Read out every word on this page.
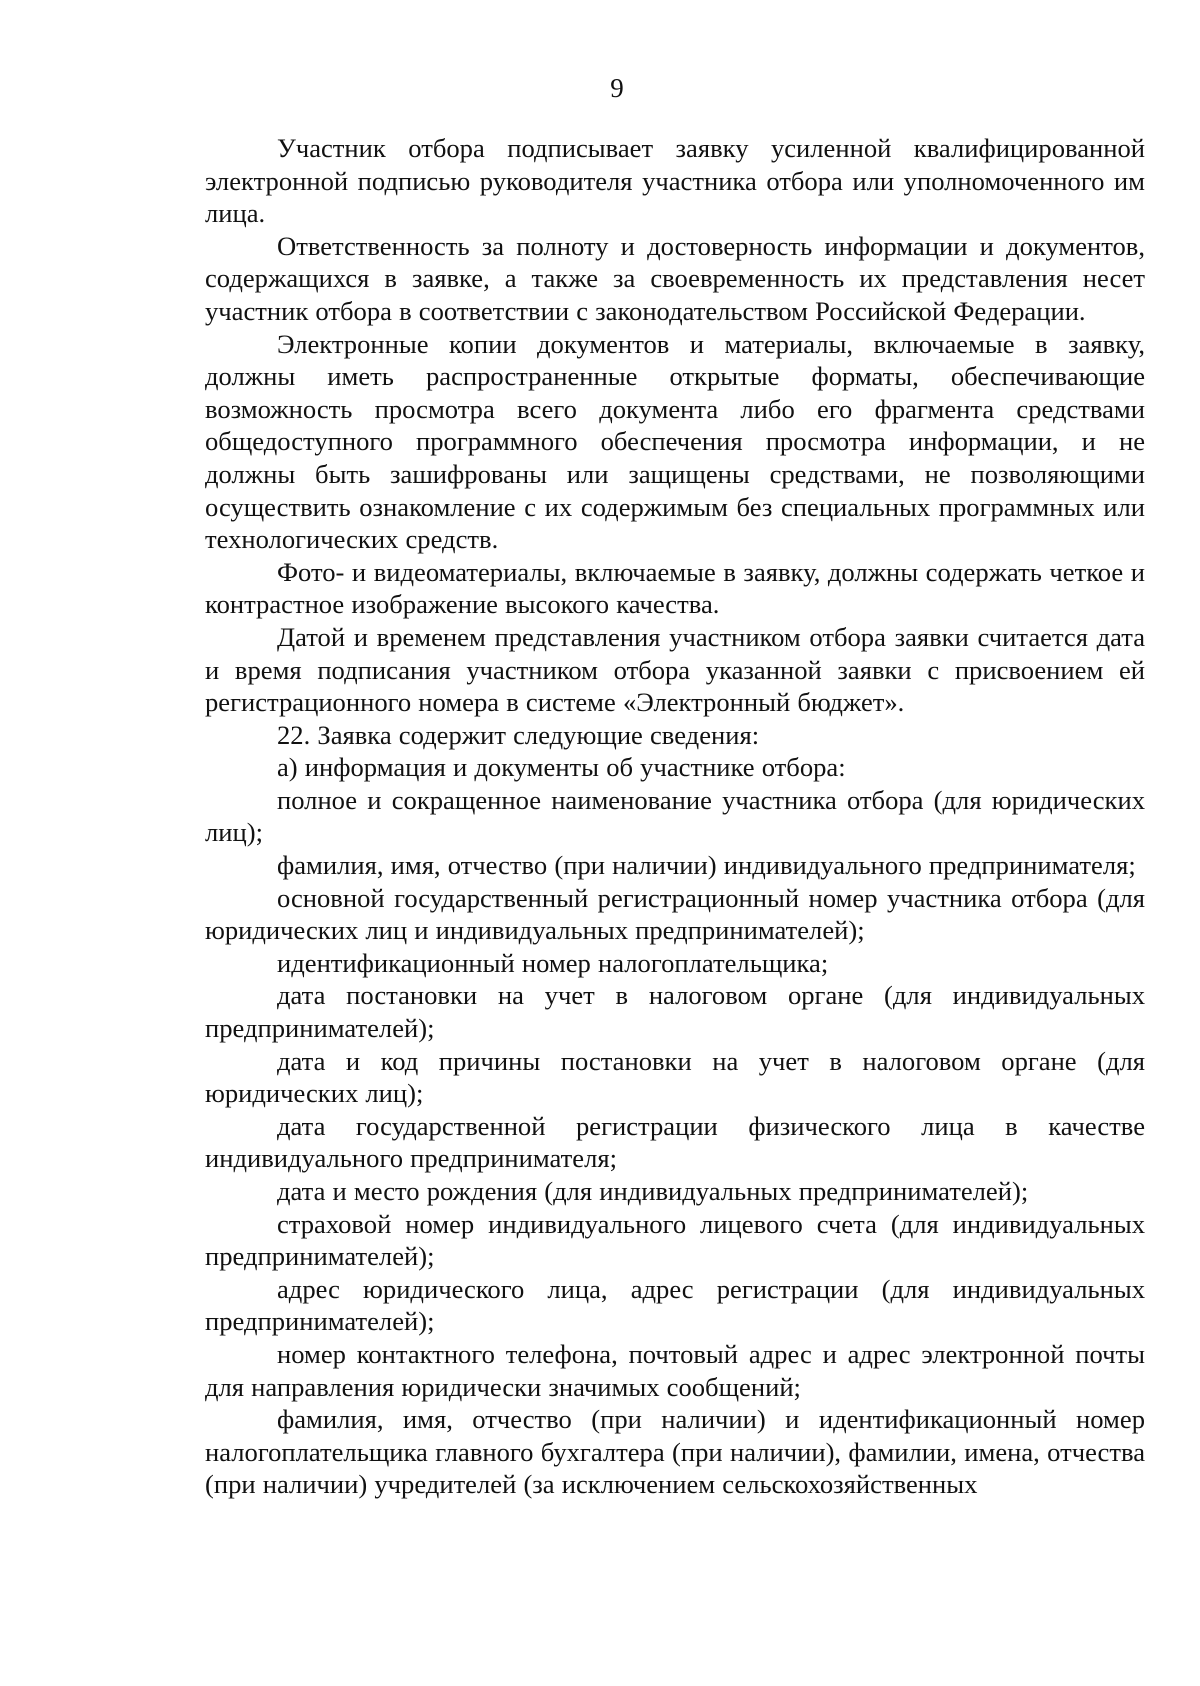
9

Участник отбора подписывает заявку усиленной квалифицированной электронной подписью руководителя участника отбора или уполномоченного им лица.

Ответственность за полноту и достоверность информации и документов, содержащихся в заявке, а также за своевременность их представления несет участник отбора в соответствии с законодательством Российской Федерации.

Электронные копии документов и материалы, включаемые в заявку, должны иметь распространенные открытые форматы, обеспечивающие возможность просмотра всего документа либо его фрагмента средствами общедоступного программного обеспечения просмотра информации, и не должны быть зашифрованы или защищены средствами, не позволяющими осуществить ознакомление с их содержимым без специальных программных или технологических средств.

Фото- и видеоматериалы, включаемые в заявку, должны содержать четкое и контрастное изображение высокого качества.

Датой и временем представления участником отбора заявки считается дата и время подписания участником отбора указанной заявки с присвоением ей регистрационного номера в системе «Электронный бюджет».

22. Заявка содержит следующие сведения:

а) информация и документы об участнике отбора:

полное и сокращенное наименование участника отбора (для юридических лиц);

фамилия, имя, отчество (при наличии) индивидуального предпринимателя;

основной государственный регистрационный номер участника отбора (для юридических лиц и индивидуальных предпринимателей);

идентификационный номер налогоплательщика;

дата постановки на учет в налоговом органе (для индивидуальных предпринимателей);

дата и код причины постановки на учет в налоговом органе (для юридических лиц);

дата государственной регистрации физического лица в качестве индивидуального предпринимателя;

дата и место рождения (для индивидуальных предпринимателей);

страховой номер индивидуального лицевого счета (для индивидуальных предпринимателей);

адрес юридического лица, адрес регистрации (для индивидуальных предпринимателей);

номер контактного телефона, почтовый адрес и адрес электронной почты для направления юридически значимых сообщений;

фамилия, имя, отчество (при наличии) и идентификационный номер налогоплательщика главного бухгалтера (при наличии), фамилии, имена, отчества (при наличии) учредителей (за исключением сельскохозяйственных
